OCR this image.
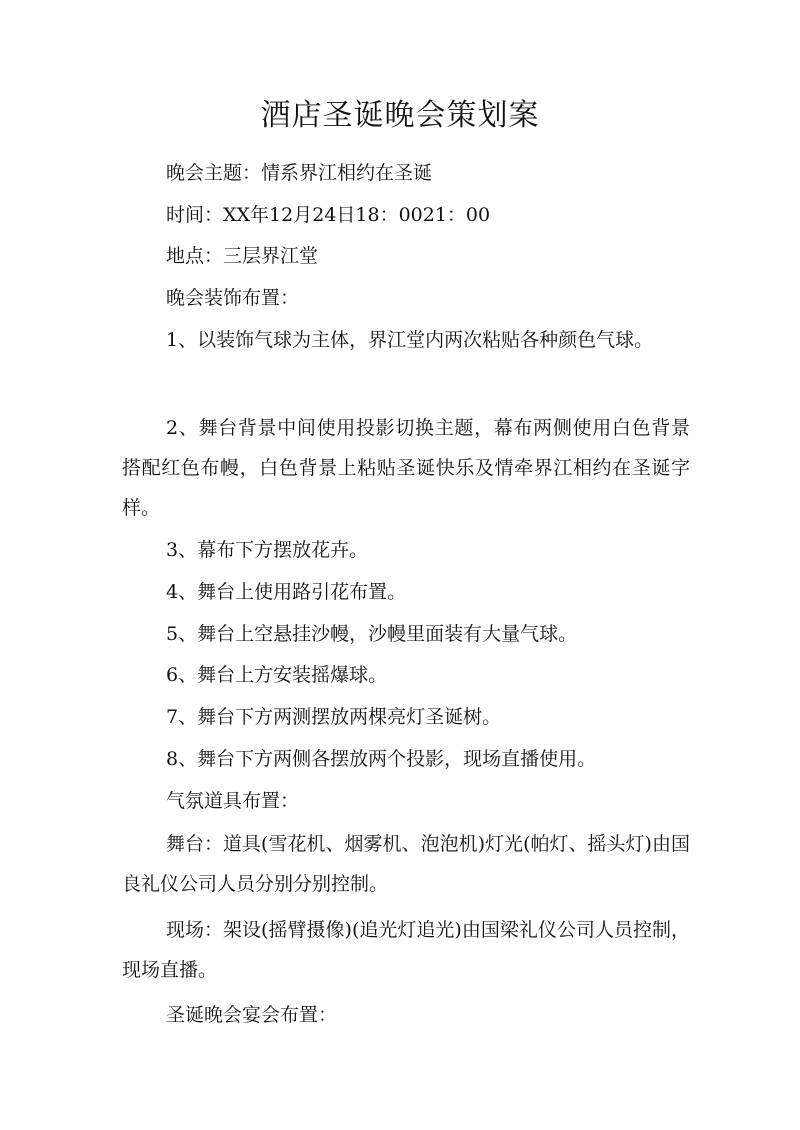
酒店圣诞晚会策划案
晚会主题：情系界江相约在圣诞
时间：XX年12月24日18：0021：00
地点：三层界江堂
晚会装饰布置：
1、以装饰气球为主体，界江堂内两次粘贴各种颜色气球。
2、舞台背景中间使用投影切换主题，幕布两侧使用白色背景搭配红色布幔，白色背景上粘贴圣诞快乐及情牵界江相约在圣诞字样。
3、幕布下方摆放花卉。
4、舞台上使用路引花布置。
5、舞台上空悬挂沙幔，沙幔里面装有大量气球。
6、舞台上方安装摇爆球。
7、舞台下方两测摆放两棵亮灯圣诞树。
8、舞台下方两侧各摆放两个投影，现场直播使用。
气氛道具布置：
舞台：道具(雪花机、烟雾机、泡泡机)灯光(帕灯、摇头灯)由国良礼仪公司人员分别分别控制。
现场：架设(摇臂摄像)(追光灯追光)由国梁礼仪公司人员控制，现场直播。
圣诞晚会宴会布置：
